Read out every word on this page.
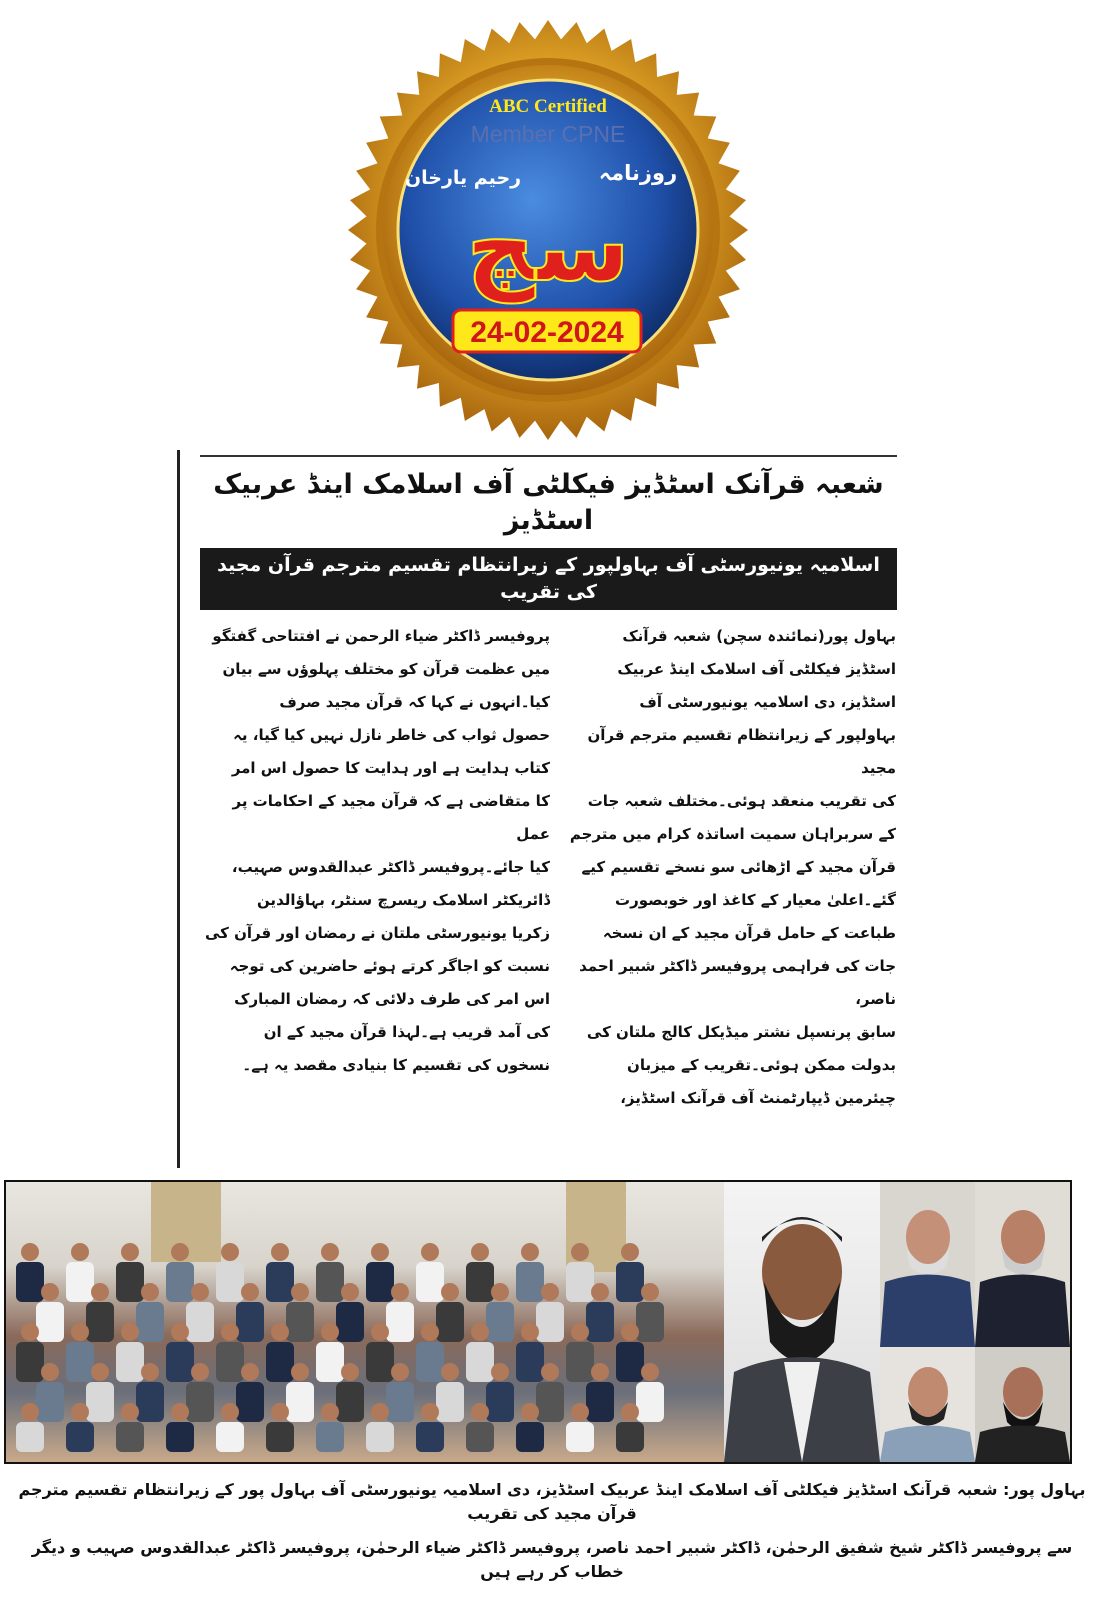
ABC Certified
Member CPNE
روزنامہ
رحیم یارخان
سچ
24-02-2024
شعبہ قرآنک اسٹڈیز فیکلٹی آف اسلامک اینڈ عربیک اسٹڈیز
اسلامیہ یونیورسٹی آف بہاولپور کے زیرانتظام تقسیم مترجم قرآن مجید کی تقریب
بہاول پور(نمائندہ سچن) شعبہ قرآنک
اسٹڈیز فیکلٹی آف اسلامک اینڈ عربیک
اسٹڈیز، دی اسلامیہ یونیورسٹی آف
بہاولپور کے زیرانتظام تقسیم مترجم قرآن مجید
کی تقریب منعقد ہوئی۔مختلف شعبہ جات
کے سربراہان سمیت اساتذہ کرام میں مترجم
قرآن مجید کے اڑھائی سو نسخے تقسیم کیے
گئے۔اعلیٰ معیار کے کاغذ اور خوبصورت
طباعت کے حامل قرآن مجید کے ان نسخہ
جات کی فراہمی پروفیسر ڈاکٹر شبیر احمد ناصر،
سابق پرنسپل نشتر میڈیکل کالج ملتان کی
بدولت ممکن ہوئی۔تقریب کے میزبان
چیئرمین ڈیپارٹمنٹ آف قرآنک اسٹڈیز،
پروفیسر ڈاکٹر ضیاء الرحمن نے افتتاحی گفتگو
میں عظمت قرآن کو مختلف پہلوؤں سے بیان
کیا۔انہوں نے کہا کہ قرآن مجید صرف
حصول ثواب کی خاطر نازل نہیں کیا گیا، یہ
کتاب ہدایت ہے اور ہدایت کا حصول اس امر
کا متقاضی ہے کہ قرآن مجید کے احکامات پر عمل
کیا جائے۔پروفیسر ڈاکٹر عبدالقدوس صہیب،
ڈائریکٹر اسلامک ریسرچ سنٹر، بہاؤالدین
زکریا یونیورسٹی ملتان نے رمضان اور قرآن کی
نسبت کو اجاگر کرتے ہوئے حاضرین کی توجہ
اس امر کی طرف دلائی کہ رمضان المبارک
کی آمد قریب ہے۔لہذا قرآن مجید کے ان
نسخوں کی تقسیم کا بنیادی مقصد یہ ہے۔
بہاول پور: شعبہ قرآنک اسٹڈیز فیکلٹی آف اسلامک اینڈ عربیک اسٹڈیز، دی اسلامیہ یونیورسٹی آف بہاول پور کے زیرانتظام تقسیم مترجم قرآن مجید کی تقریب
سے پروفیسر ڈاکٹر شیخ شفیق الرحمٰن، ڈاکٹر شبیر احمد ناصر، پروفیسر ڈاکٹر ضیاء الرحمٰن، پروفیسر ڈاکٹر عبدالقدوس صہیب و دیگر خطاب کر رہے ہیں
